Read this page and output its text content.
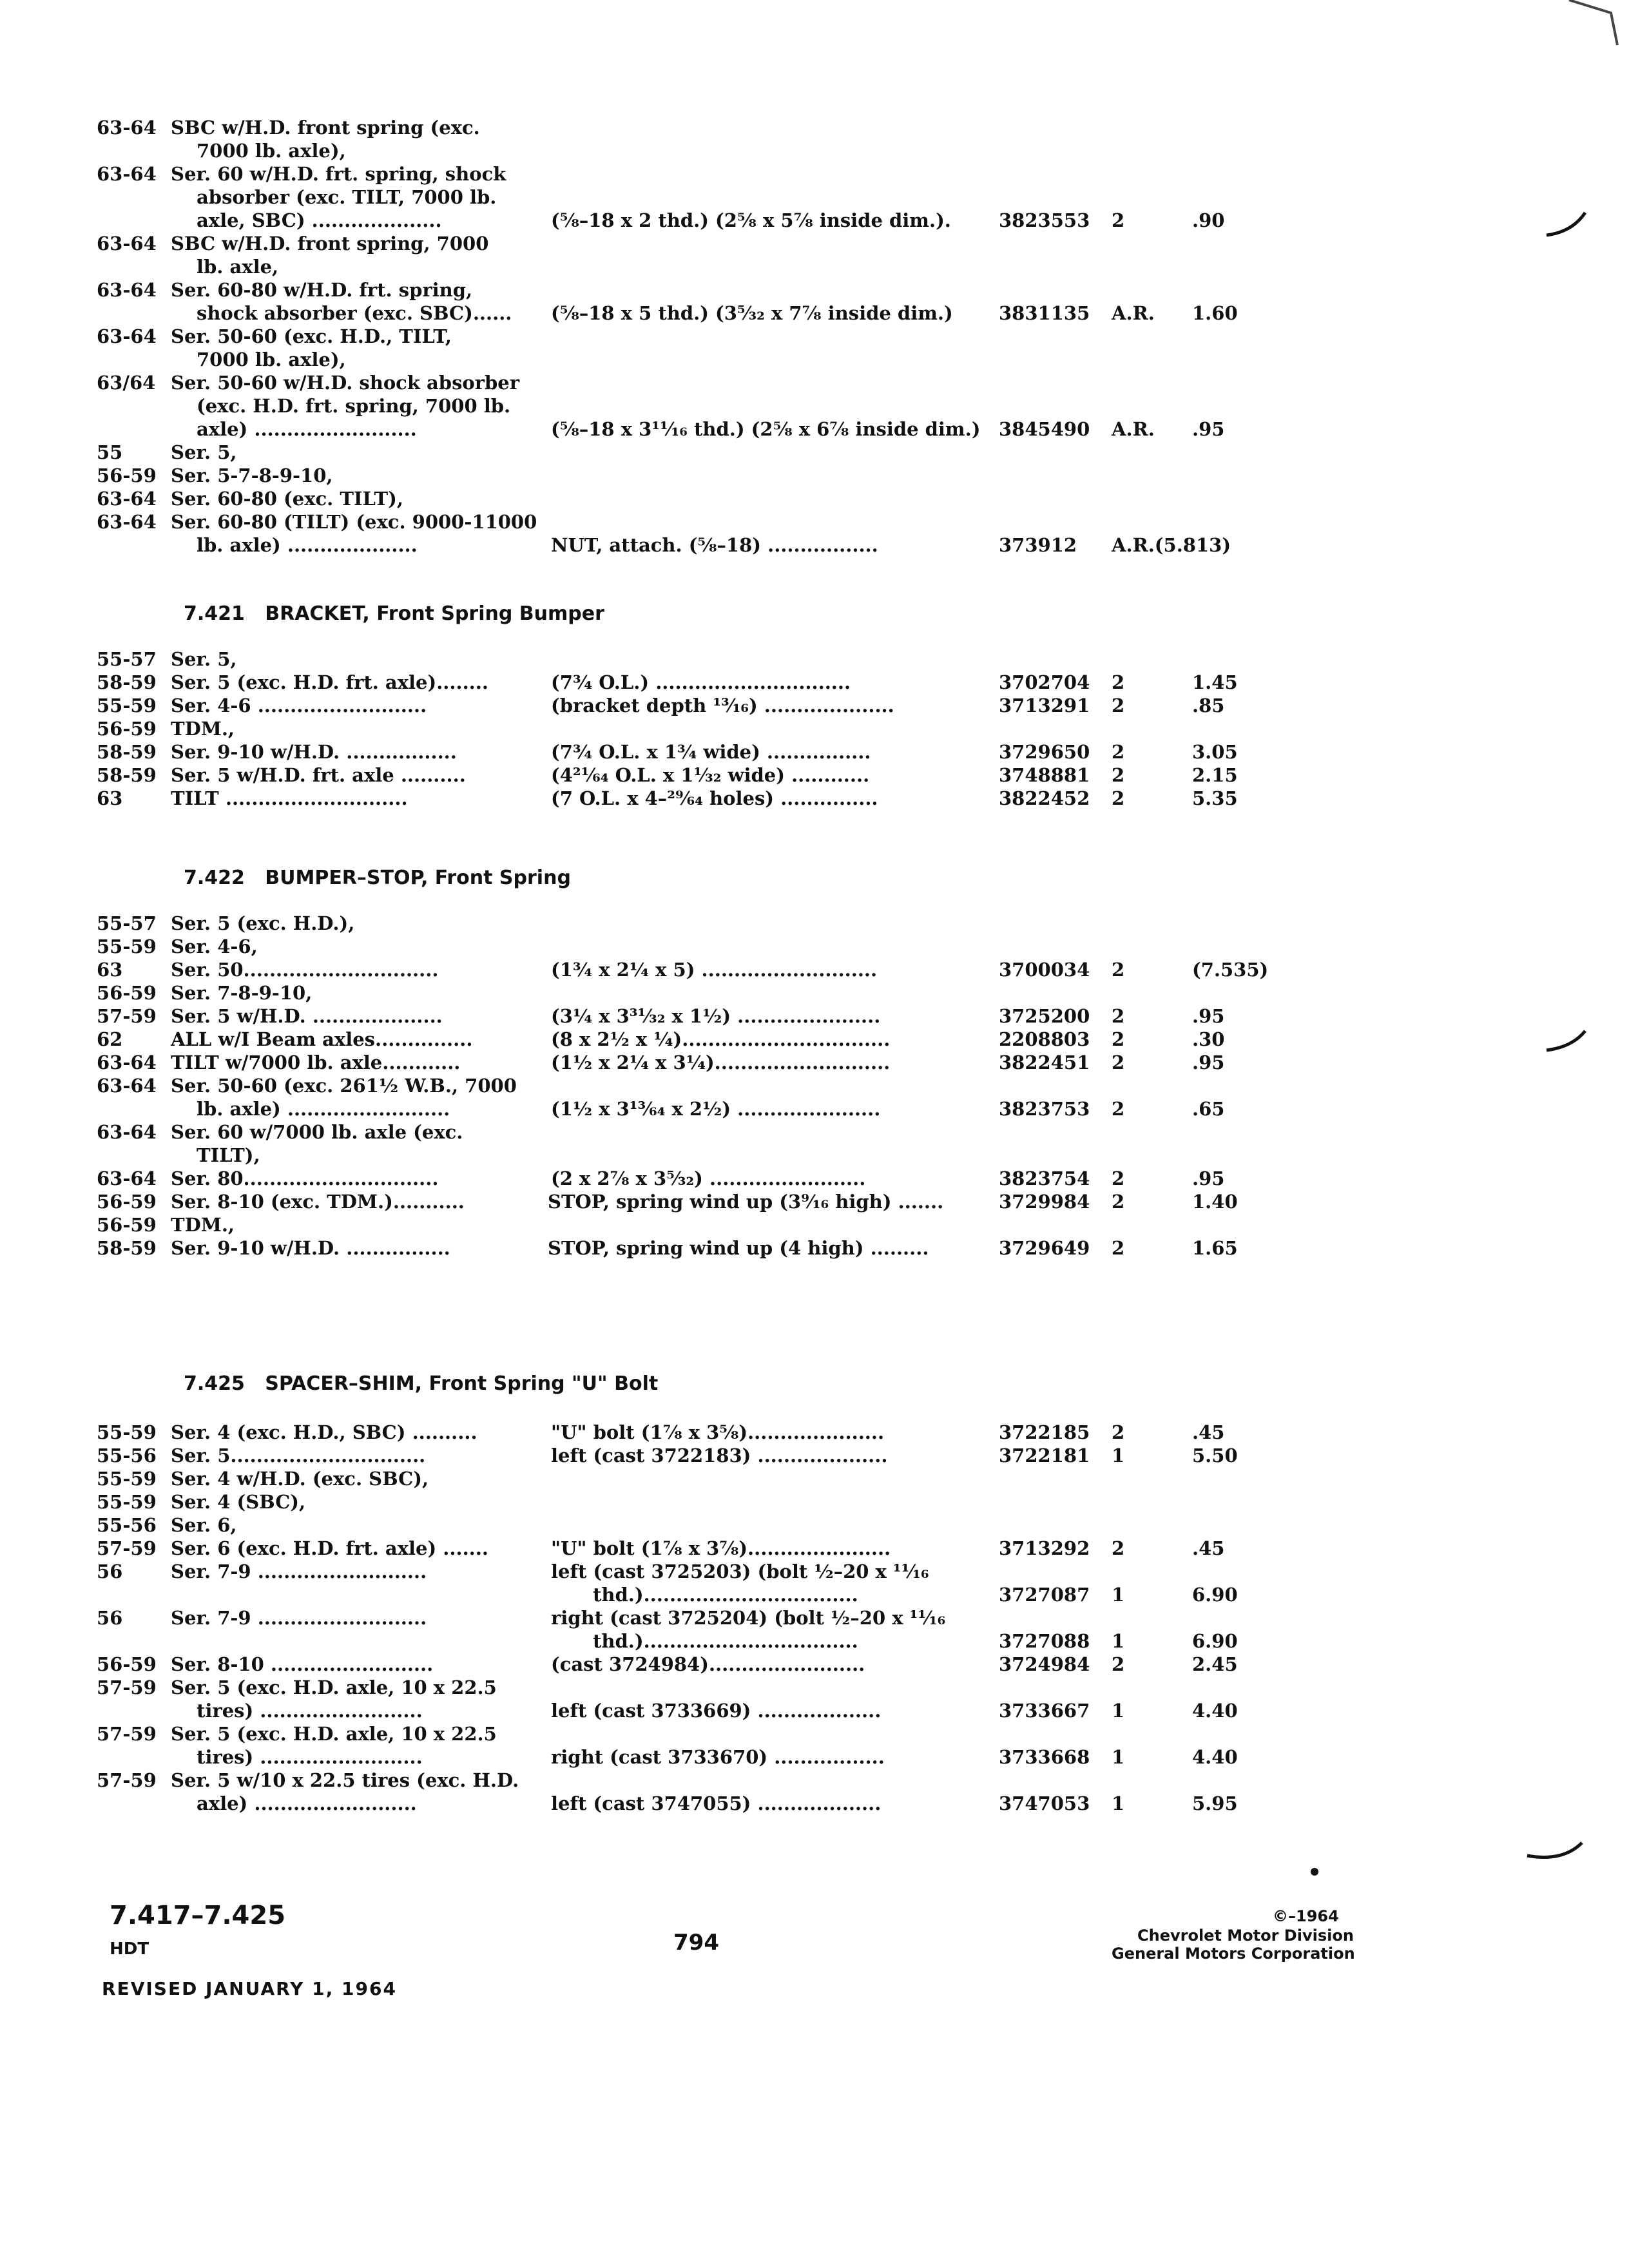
63-64 SBC w/H.D. front spring (exc.
7000 lb. axle),
63-64 Ser. 60 w/H.D. frt. spring, shock
absorber (exc. TILT, 7000 lb.
axle, SBC) ....................	(⅝–18 x 2 thd.) (2⅝ x 5⅞ inside dim.).	3823553 2	.90
63-64 SBC w/H.D. front spring, 7000
lb. axle,
63-64 Ser. 60-80 w/H.D. frt. spring,
shock absorber (exc. SBC)...... (⅝–18 x 5 thd.) (3⁵⁄₃₂ x 7⅞ inside dim.) 3831135 A.R. 1.60
63-64 Ser. 50-60 (exc. H.D., TILT,
7000 lb. axle),
63/64 Ser. 50-60 w/H.D. shock absorber
(exc. H.D. frt. spring, 7000 lb.
axle) .........................	(⅝–18 x 3¹¹⁄₁₆ thd.) (2⅝ x 6⅞ inside dim.) 3845490 A.R. .95
55	Ser. 5,
56-59 Ser. 5-7-8-9-10,
63-64 Ser. 60-80 (exc. TILT),
63-64 Ser. 60-80 (TILT) (exc. 9000-11000
lb. axle) ....................	NUT, attach. (⅝–18) .................	373912 A.R.(5.813)
7.421 BRACKET, Front Spring Bumper
55-57 Ser. 5,
58-59 Ser. 5 (exc. H.D. frt. axle)........	(7¾ O.L.) ..............................	3702704 2	1.45
55-59 Ser. 4-6 ..........................	(bracket depth ¹³⁄₁₆) ....................	3713291 2	.85
56-59 TDM.,
58-59 Ser. 9-10 w/H.D. .................	(7¾ O.L. x 1¾ wide) ................	3729650 2	3.05
58-59 Ser. 5 w/H.D. frt. axle ..........	(4²¹⁄₆₄ O.L. x 1¹⁄₃₂ wide) ............	3748881 2	2.15
63	TILT ............................	(7 O.L. x 4–²⁹⁄₆₄ holes) ...............	3822452 2	5.35
7.422 BUMPER–STOP, Front Spring
55-57 Ser. 5 (exc. H.D.),
55-59 Ser. 4-6,
63	Ser. 50..............................	(1¾ x 2¼ x 5) ...........................	3700034 2	(7.535)
56-59 Ser. 7-8-9-10,
57-59 Ser. 5 w/H.D. ....................	(3¼ x 3³¹⁄₃₂ x 1½) ......................	3725200 2	.95
62	ALL w/I Beam axles...............	(8 x 2½ x ¼)................................	2208803 2	.30
63-64 TILT w/7000 lb. axle............	(1½ x 2¼ x 3¼)...........................	3822451 2	.95
63-64 Ser. 50-60 (exc. 261½ W.B., 7000
lb. axle) .........................	(1½ x 3¹³⁄₆₄ x 2½) ......................	3823753 2	.65
63-64 Ser. 60 w/7000 lb. axle (exc.
TILT),
63-64 Ser. 80..............................	(2 x 2⅞ x 3⁵⁄₃₂) ........................	3823754 2	.95
56-59 Ser. 8-10 (exc. TDM.)...........	STOP, spring wind up (3⁹⁄₁₆ high) .......	3729984 2	1.40
56-59 TDM.,
58-59 Ser. 9-10 w/H.D. ................	STOP, spring wind up (4 high) .........	3729649 2	1.65
7.425 SPACER–SHIM, Front Spring "U" Bolt
55-59 Ser. 4 (exc. H.D., SBC) ..........	"U" bolt (1⅞ x 3⅝).....................	3722185 2	.45
55-56 Ser. 5..............................	left (cast 3722183) ....................	3722181 1	5.50
55-59 Ser. 4 w/H.D. (exc. SBC),
55-59 Ser. 4 (SBC),
55-56 Ser. 6,
57-59 Ser. 6 (exc. H.D. frt. axle) .......	"U" bolt (1⅞ x 3⅞)......................	3713292 2	.45
56	Ser. 7-9 ..........................	left (cast 3725203) (bolt ½–20 x ¹¹⁄₁₆
thd.).................................	3727087 1	6.90
56	Ser. 7-9 ..........................	right (cast 3725204) (bolt ½–20 x ¹¹⁄₁₆
thd.).................................	3727088 1	6.90
56-59 Ser. 8-10 .........................	(cast 3724984)........................	3724984 2	2.45
57-59 Ser. 5 (exc. H.D. axle, 10 x 22.5
tires) .........................	left (cast 3733669) ...................	3733667 1	4.40
57-59 Ser. 5 (exc. H.D. axle, 10 x 22.5
tires) .........................	right (cast 3733670) .................	3733668 1	4.40
57-59 Ser. 5 w/10 x 22.5 tires (exc. H.D.
axle) .........................	left (cast 3747055) ...................	3747053 1	5.95
7.417–7.425
HDT
REVISED JANUARY 1, 1964
794
©–1964
Chevrolet Motor Division
General Motors Corporation
